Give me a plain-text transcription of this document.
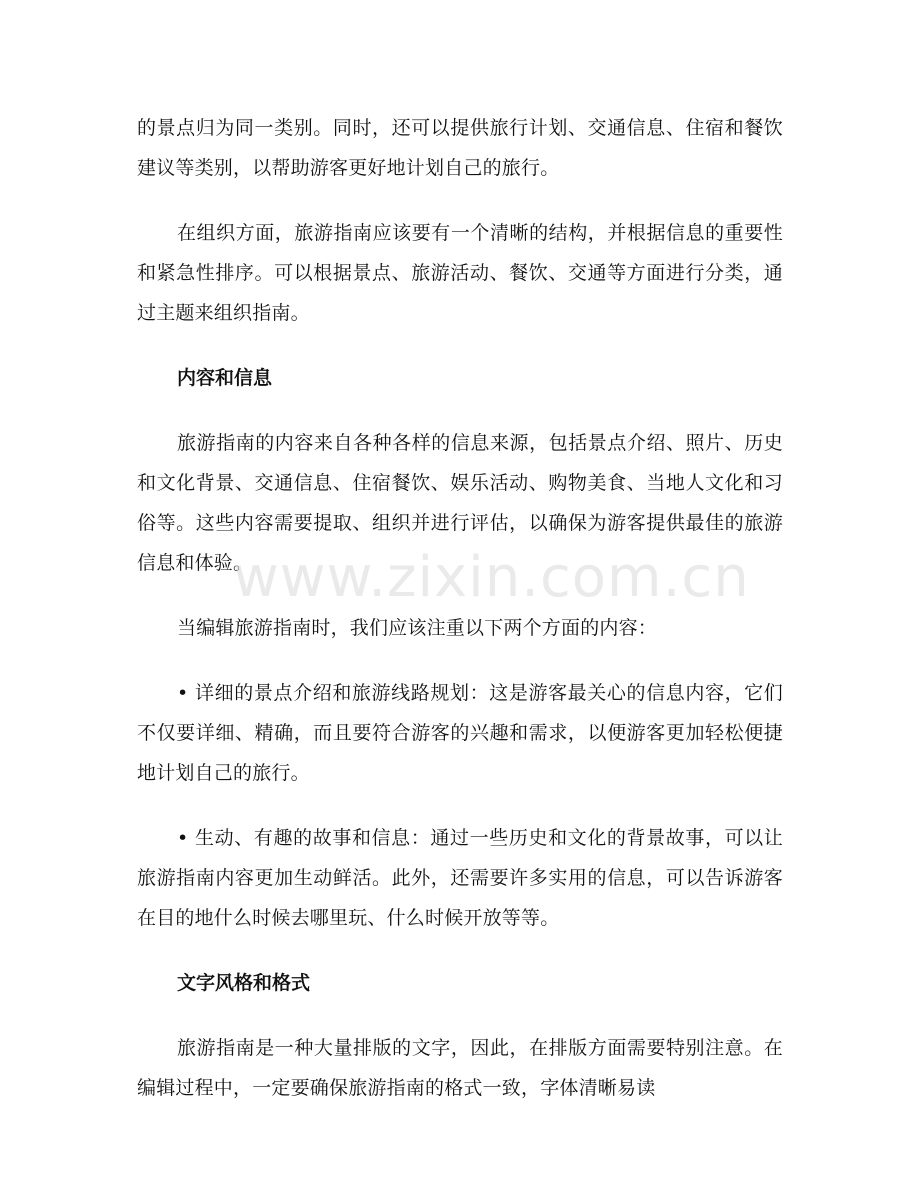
的景点归为同一类别。同时，还可以提供旅行计划、交通信息、住宿和餐饮建议等类别，以帮助游客更好地计划自己的旅行。

在组织方面，旅游指南应该要有一个清晰的结构，并根据信息的重要性和紧急性排序。可以根据景点、旅游活动、餐饮、交通等方面进行分类，通过主题来组织指南。

内容和信息

旅游指南的内容来自各种各样的信息来源，包括景点介绍、照片、历史和文化背景、交通信息、住宿餐饮、娱乐活动、购物美食、当地人文化和习俗等。这些内容需要提取、组织并进行评估，以确保为游客提供最佳的旅游信息和体验。

当编辑旅游指南时，我们应该注重以下两个方面的内容：

• 详细的景点介绍和旅游线路规划：这是游客最关心的信息内容，它们不仅要详细、精确，而且要符合游客的兴趣和需求，以便游客更加轻松便捷地计划自己的旅行。

• 生动、有趣的故事和信息：通过一些历史和文化的背景故事，可以让旅游指南内容更加生动鲜活。此外，还需要许多实用的信息，可以告诉游客在目的地什么时候去哪里玩、什么时候开放等等。

文字风格和格式

旅游指南是一种大量排版的文字，因此，在排版方面需要特别注意。在编辑过程中，一定要确保旅游指南的格式一致，字体清晰易读

www.zixin.com.cn
